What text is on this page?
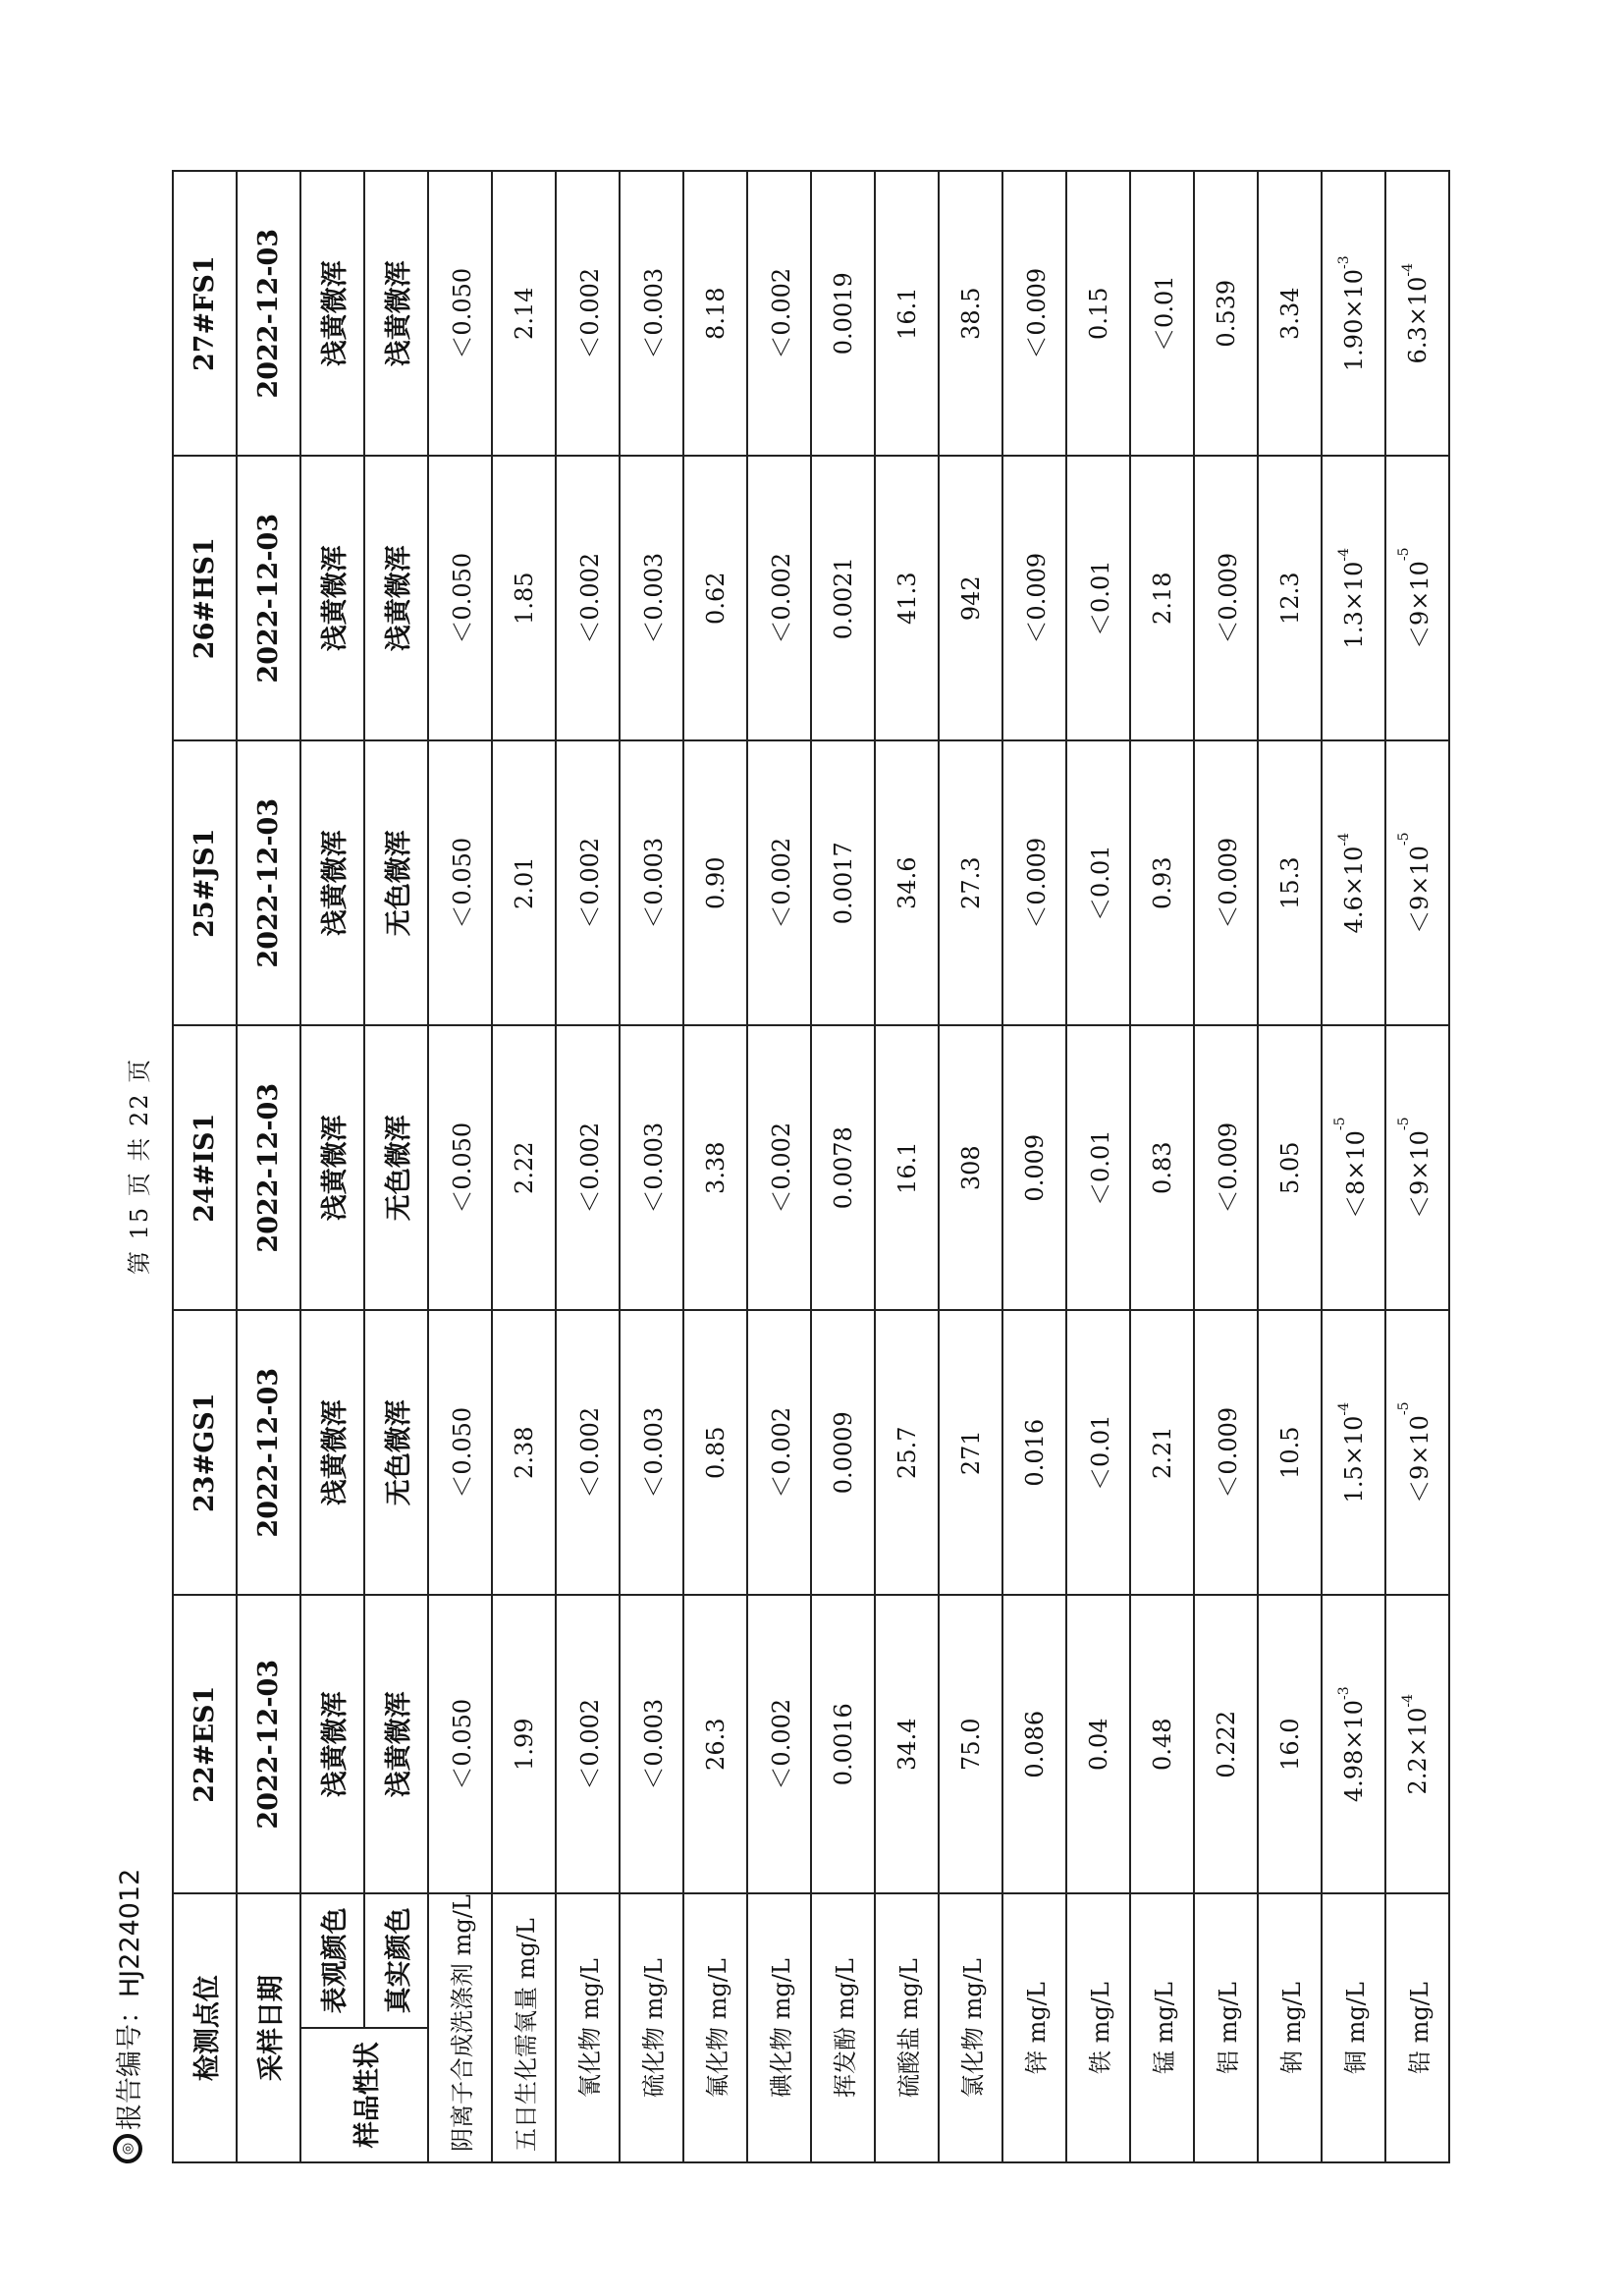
◎
报告编号：HJ224012
第 15 页 共 22 页
检测点位		22#ES1	23#GS1	24#IS1	25#JS1	26#HS1	27#FS1
采样日期		2022-12-03	2022-12-03	2022-12-03	2022-12-03	2022-12-03	2022-12-03
样品性状	表观颜色	浅黄微浑	浅黄微浑	浅黄微浑	浅黄微浑	浅黄微浑	浅黄微浑
	真实颜色	浅黄微浑	无色微浑	无色微浑	无色微浑	浅黄微浑	浅黄微浑
阴离子合成洗涤剂 mg/L		＜0.050	＜0.050	＜0.050	＜0.050	＜0.050	＜0.050
五日生化需氧量 mg/L		1.99	2.38	2.22	2.01	1.85	2.14
氰化物 mg/L		＜0.002	＜0.002	＜0.002	＜0.002	＜0.002	＜0.002
硫化物 mg/L		＜0.003	＜0.003	＜0.003	＜0.003	＜0.003	＜0.003
氟化物 mg/L		26.3	0.85	3.38	0.90	0.62	8.18
碘化物 mg/L		＜0.002	＜0.002	＜0.002	＜0.002	＜0.002	＜0.002
挥发酚 mg/L		0.0016	0.0009	0.0078	0.0017	0.0021	0.0019
硫酸盐 mg/L		34.4	25.7	16.1	34.6	41.3	16.1
氯化物 mg/L		75.0	271	308	27.3	942	38.5
锌 mg/L		0.086	0.016	0.009	＜0.009	＜0.009	＜0.009
铁 mg/L		0.04	＜0.01	＜0.01	＜0.01	＜0.01	0.15
锰 mg/L		0.48	2.21	0.83	0.93	2.18	＜0.01
铝 mg/L		0.222	＜0.009	＜0.009	＜0.009	＜0.009	0.539
钠 mg/L		16.0	10.5	5.05	15.3	12.3	3.34
铜 mg/L		$4.98\times 10^{-3}$	$1.5\times 10^{-4}$	$<8\times 10^{-5}$	$4.6\times 10^{-4}$	$1.3\times 10^{-4}$	$1.90\times 10^{-3}$
铅 mg/L		$2.2\times 10^{-4}$	$<9\times 10^{-5}$	$<9\times 10^{-5}$	$<9\times 10^{-5}$	$<9\times 10^{-5}$	$6.3\times 10^{-4}$
